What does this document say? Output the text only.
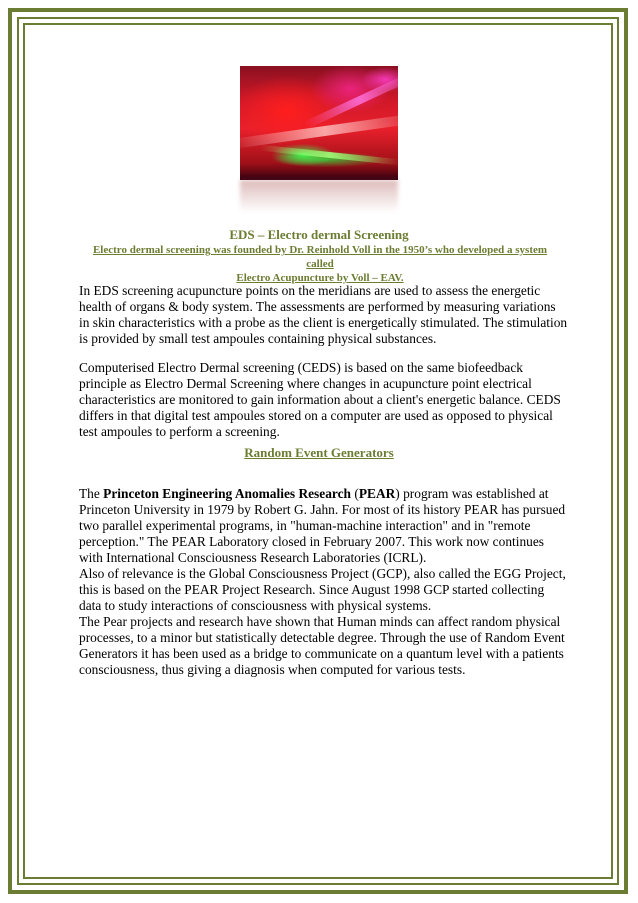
EDS – Electro dermal Screening
Electro dermal screening was founded by Dr. Reinhold Voll in the 1950’s who developed a system called
Electro Acupuncture by Voll – EAV.

In EDS screening acupuncture points on the meridians are used to assess the energetic health of organs & body system. The assessments are performed by measuring variations in skin characteristics with a probe as the client is energetically stimulated. The stimulation is provided by small test ampoules containing physical substances.

Computerised Electro Dermal screening (CEDS) is based on the same biofeedback principle as Electro Dermal Screening where changes in acupuncture point electrical characteristics are monitored to gain information about a client's energetic balance. CEDS differs in that digital test ampoules stored on a computer are used as opposed to physical test ampoules to perform a screening.

Random Event Generators
The Princeton Engineering Anomalies Research (PEAR) program was established at Princeton University in 1979 by Robert G. Jahn. For most of its history PEAR has pursued two parallel experimental programs, in "human-machine interaction" and in "remote perception." The PEAR Laboratory closed in February 2007. This work now continues with International Consciousness Research Laboratories (ICRL).
Also of relevance is the Global Consciousness Project (GCP), also called the EGG Project, this is based on the PEAR Project Research. Since August 1998 GCP started collecting data to study interactions of consciousness with physical systems.
The Pear projects and research have shown that Human minds can affect random physical processes, to a minor but statistically detectable degree. Through the use of Random Event Generators it has been used as a bridge to communicate on a quantum level with a patients consciousness, thus giving a diagnosis when computed for various tests.
